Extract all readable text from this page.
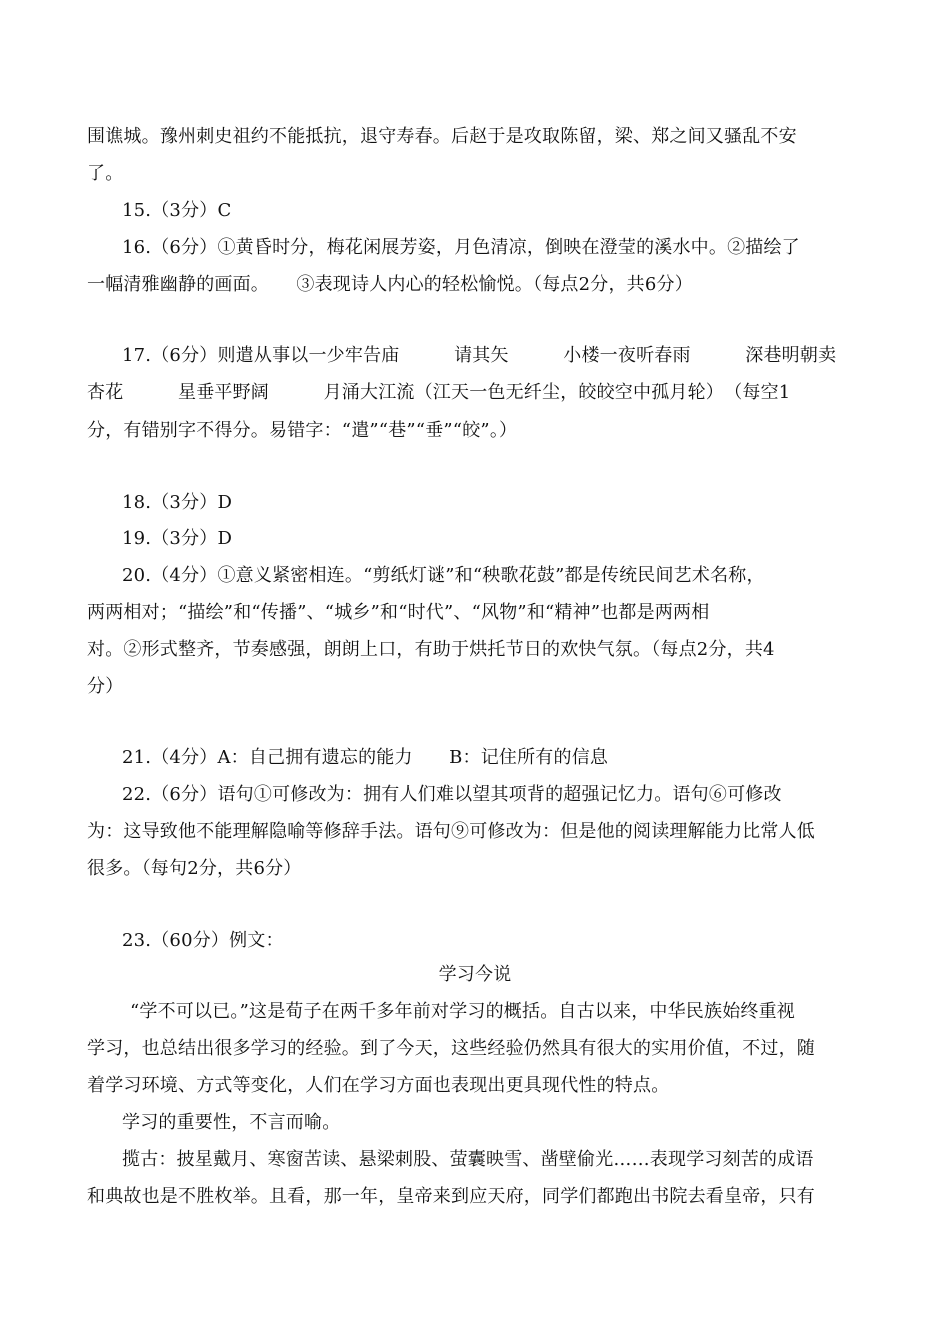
围谯城。豫州刺史祖约不能抵抗，退守寿春。后赵于是攻取陈留，梁、郑之间又骚乱不安
了。
15.（3分）C
16.（6分）①黄昏时分，梅花闲展芳姿，月色清凉，倒映在澄莹的溪水中。②描绘了
一幅清雅幽静的画面。　　③表现诗人内心的轻松愉悦。（每点2分，共6分）
17.（6分）则遣从事以一少牢告庙　　　请其矢　　　小楼一夜听春雨　　　深巷明朝卖
杏花　　　星垂平野阔　　　月涌大江流（江天一色无纤尘，皎皎空中孤月轮）　（每空1
分，有错别字不得分。易错字：“遣”“巷”“垂”“皎”。）
18.（3分）D
19.（3分）D
20.（4分）①意义紧密相连。“剪纸灯谜”和“秧歌花鼓”都是传统民间艺术名称，
两两相对；“描绘”和“传播”、“城乡”和“时代”、“风物”和“精神”也都是两两相
对。②形式整齐，节奏感强，朗朗上口，有助于烘托节日的欢快气氛。（每点2分，共4
分）
21.（4分）A：自己拥有遗忘的能力　　B：记住所有的信息
22.（6分）语句①可修改为：拥有人们难以望其项背的超强记忆力。语句⑥可修改
为：这导致他不能理解隐喻等修辞手法。语句⑨可修改为：但是他的阅读理解能力比常人低
很多。（每句2分，共6分）
23.（60分）例文：
学习今说
“学不可以已。”这是荀子在两千多年前对学习的概括。自古以来，中华民族始终重视
学习，也总结出很多学习的经验。到了今天，这些经验仍然具有很大的实用价值，不过，随
着学习环境、方式等变化，人们在学习方面也表现出更具现代性的特点。
学习的重要性，不言而喻。
揽古：披星戴月、寒窗苦读、悬梁刺股、萤囊映雪、凿壁偷光……表现学习刻苦的成语
和典故也是不胜枚举。且看，那一年，皇帝来到应天府，同学们都跑出书院去看皇帝，只有
